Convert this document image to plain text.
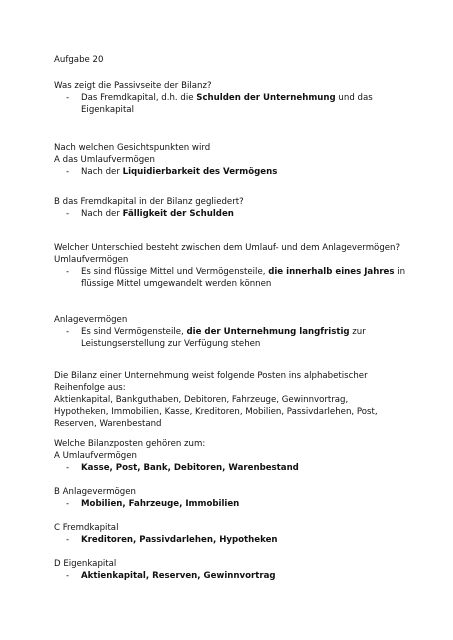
Aufgabe 20
Was zeigt die Passivseite der Bilanz?
- Das Fremdkapital, d.h. die Schulden der Unternehmung und das
Eigenkapital
Nach welchen Gesichtspunkten wird
A das Umlaufvermögen
- Nach der Liquidierbarkeit des Vermögens
B das Fremdkapital in der Bilanz gegliedert?
- Nach der Fälligkeit der Schulden
Welcher Unterschied besteht zwischen dem Umlauf- und dem Anlagevermögen?
Umlaufvermögen
- Es sind flüssige Mittel und Vermögensteile, die innerhalb eines Jahres in
flüssige Mittel umgewandelt werden können
Anlagevermögen
- Es sind Vermögensteile, die der Unternehmung langfristig zur
Leistungserstellung zur Verfügung stehen
Die Bilanz einer Unternehmung weist folgende Posten ins alphabetischer
Reihenfolge aus:
Aktienkapital, Bankguthaben, Debitoren, Fahrzeuge, Gewinnvortrag,
Hypotheken, Immobilien, Kasse, Kreditoren, Mobilien, Passivdarlehen, Post,
Reserven, Warenbestand
Welche Bilanzposten gehören zum:
A Umlaufvermögen
- Kasse, Post, Bank, Debitoren, Warenbestand
B Anlagevermögen
- Mobilien, Fahrzeuge, Immobilien
C Fremdkapital
- Kreditoren, Passivdarlehen, Hypotheken
D Eigenkapital
- Aktienkapital, Reserven, Gewinnvortrag
